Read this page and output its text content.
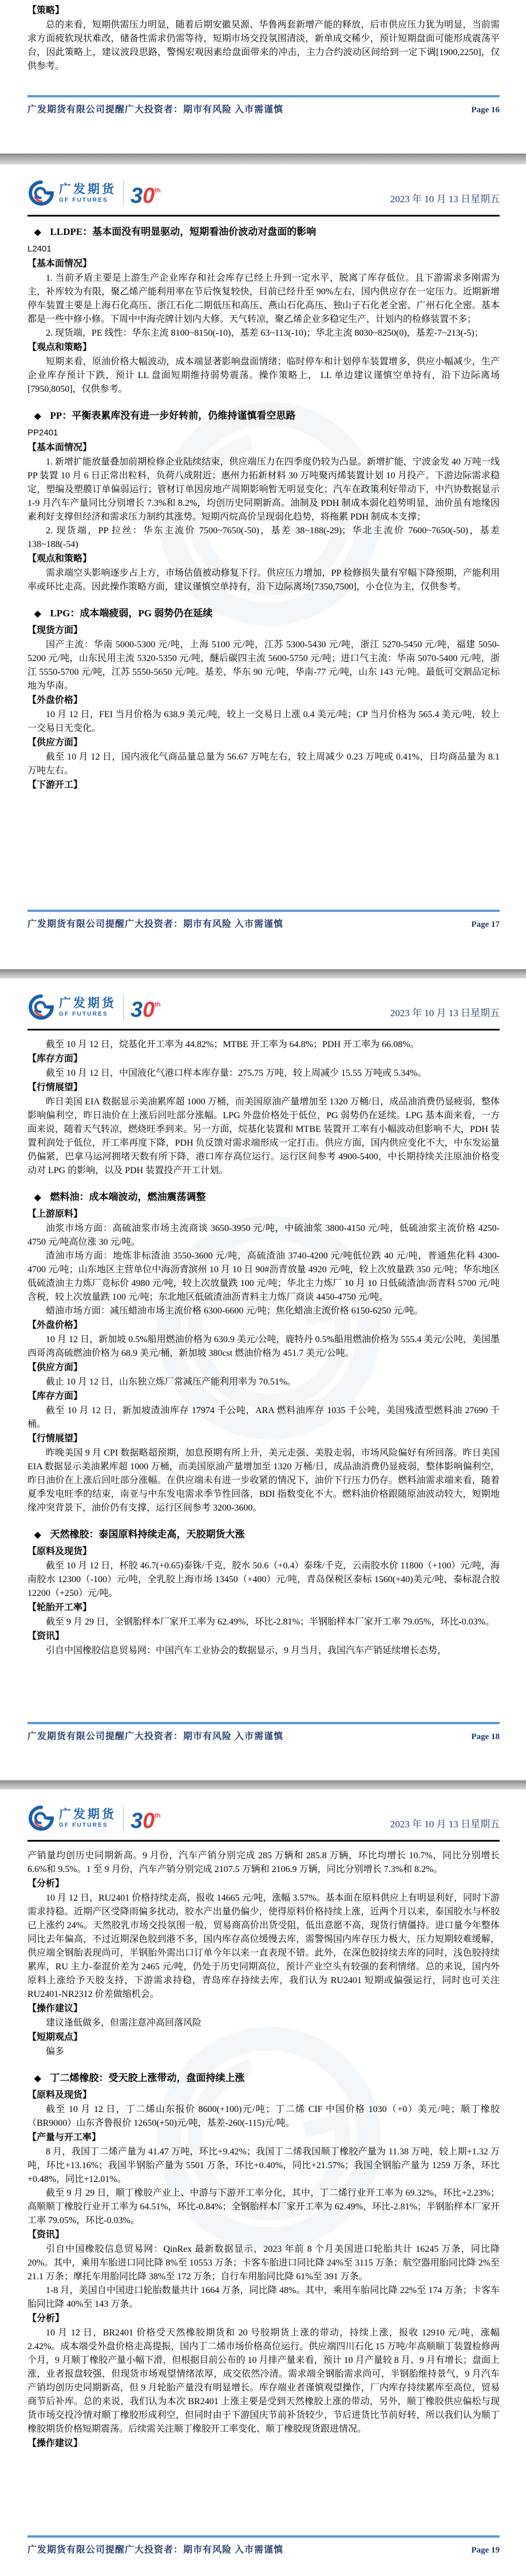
【策略】

总的来看，短期供需压力明显，随着后期安徽昊源、华鲁两套新增产能的释放，后市供应压力犹为明显，当前需求方面疲软现状难改，储备性需求仍需等待，短期市场交投氛围清淡，新单成交稀少，预计短期盘面可能形成震荡平台，因此策略上，建议波段思路，警惕宏观因素给盘面带来的冲击，主力合约波动区间给到一定下调[1900,2250]，仅供参考。

广发期货有限公司提醒广大投资者：期市有风险 入市需谨慎	Page 16
广发期货
GF FUTURES	30th
2023 年 10 月 13 日星期五
◆ LLDPE：基本面没有明显驱动，短期看油价波动对盘面的影响
L2401
【基本面情况】

1. 当前矛盾主要是上游生产企业库存和社会库存已经上升到一定水平，脱离了库存低位。且下游需求多刚需为主，补库较为有限，聚乙烯产能利用率在节后恢复较快，目前已经升至 90%左右，国内供应存在一定压力。近期新增停车装置主要是上海石化高压、浙江石化二期低压和高压、燕山石化高压、独山子石化老全密、广州石化全密。基本都是一些中修小修。下周中中海壳牌计划内大修。天气转凉，聚乙烯企业多稳定生产，计划内的检修装置不多；

2. 现货端，PE 线性：华东主流 8100~8150(-10)，基差 63~113(-10)；华北主流 8030~8250(0)，基差-7~213(-5)；

【观点和策略】

短期来看，原油价格大幅波动，成本端显著影响盘面情绪；临时停车和计划停车装置增多，供应小幅减少，生产企业库存预计下跌，预计 LL 盘面短期维持弱势震荡。操作策略上， LL 单边建议谨慎空单持有，沿下边际离场[7950,8050]，仅供参考。

◆ PP：平衡表累库没有进一步好转前，仍维持谨慎看空思路
PP2401
【基本面情况】

1. 新增扩能放量叠加前期检修企业陆续结束，供应端压力在四季度仍较为凸显。新增扩能，宁波金发 40 万吨一线 PP 装置 10 月 6 日正常出粒料，负荷八成附近；惠州力拓新材料 30 万吨聚丙烯装置计划 10 月投产。下游边际需求稳定，塑编及塑膜订单偏弱运行；管材订单因房地产周期影响暂无明显变化；汽车在政策利好带动下，中汽协数据显示 1-9 月汽车产量同比分别增长 7.3%和 8.2%，均创历史同期新高。油制及 PDH 制成本弱化趋势明显，油价虽有地缘因素利好支撑但经济和需求压力制约其涨势。短期丙烷高价呈现弱化趋势，将拖累 PDH 制成本支撑；

2. 现货端，PP 拉丝：华东主流价 7500~7650(-50)，基差 38~188(-29)；华北主流价 7600~7650(-50)，基差 138~188(-54)

【观点和策略】

需求端空头影响逐步占上方，市场估值被动修复下行。供应压力增加，PP 检修损失量有窄幅下降预期，产能利用率或环比走高。因此操作策略方面，建议谨慎空单持有，沿下边际离场[7350,7500]，小仓位为主，仅供参考。

◆ LPG：成本端疲弱，PG 弱势仍在延续
【现货方面】

国产主流：华南 5000-5300 元/吨，上海 5100 元/吨，江苏 5300-5430 元/吨，浙江 5270-5450 元/吨，福建 5050-5200 元/吨，山东民用主流 5320-5350 元/吨，醚后碳四主流 5600-5750 元/吨；进口气主流：华南 5070-5400 元/吨，浙江 5550-5700 元/吨，江苏 5550-5650 元/吨。基差，华东 90 元/吨，华南-77 元/吨，山东 143 元/吨。最低可交割品定标地为华南。

【外盘价格】

10 月 12 日，FEI 当月价格为 638.9 美元/吨，较上一交易日上涨 0.4 美元/吨；CP 当月价格为 565.4 美元/吨，较上一交易日无变化。

【供应方面】

截至 10 月 12 日，国内液化气商品量总量为 56.67 万吨左右，较上周减少 0.23 万吨或 0.41%，日均商品量为 8.1 万吨左右。

【下游开工】
广发期货有限公司提醒广大投资者：期市有风险 入市需谨慎	Page 17
广发期货
GF FUTURES	30th
2023 年 10 月 13 日星期五

截至 10 月 12 日，烷基化开工率为 44.82%；MTBE 开工率为 64.8%；PDH 开工率为 66.08%。

【库存方面】

截至 10 月 12 日，中国液化气港口样本库存量：275.75 万吨，较上周减少 15.55 万吨或 5.34%。

【行情展望】

昨日美国 EIA 数据显示美油累库超 1000 万桶，而美国原油产量增加至 1320 万桶/日，成品油消费仍显疲弱，整体影响偏利空，昨日油价在上涨后回吐部分涨幅。LPG 外盘价格处于低位，PG 弱势仍在延续。LPG 基本面来看，一方面来说，随着天气转凉，燃烧旺季到来。另一方面，烷基化装置和 MTBE 装置开工率有小幅波动但影响不大，PDH 装置利润处于低位，开工率再度下降，PDH 负反馈对需求端形成一定打击。供应方面，国内供应变化不大，中东发运量仍偏紧，巴拿马运河拥堵天数有所下降，港口库存高位运行。运行区间参考 4900-5400，中长期持续关注原油价格变动对 LPG 的影响，以及 PDH 装置投产开工计划。

◆ 燃料油：成本端波动，燃油震荡调整
【上游原料】

油浆市场方面：高硫油浆市场主流商谈 3650-3950 元/吨，中硫油浆 3800-4150 元/吨，低硫油浆主流价格 4250-4750 元/吨高位涨 30 元/吨。

渣油市场方面：地炼非标渣油 3550-3600 元/吨，高硫渣油 3740-4200 元/吨低位跌 40 元/吨，普通焦化料 4300-4700 元/吨；山东地区主营单位中海沥青滨州 10 月 10 日 90#沥青放量 4920 元/吨，较上次放量跌 350 元/吨；华东地区低硫渣油主力炼厂竞标价 4980 元/吨，较上次放量跌 100 元/吨；华北主力炼厂 10 月 10 日低硫渣油/沥青料 5700 元/吨含税，较上次放量跌 100 元/吨；东北地区低硫渣油沥青料主力炼厂商谈 4450-4750 元/吨。

蜡油市场方面：减压蜡油市场主流价格 6300-6600 元/吨；焦化蜡油主流价格 6150-6250 元/吨。

【外盘价格】

10 月 12 日，新加坡 0.5%船用燃油价格为 630.9 美元/公吨，鹿特丹 0.5%船用燃油价格为 555.4 美元/公吨，美国墨西哥湾高硫燃油价格为 68.9 美元/桶，新加坡 380cst 燃油价格为 451.7 美元/公吨。

【供应方面】

截止 10 月 12 日，山东独立炼厂常减压产能利用率为 70.51%。

【库存方面】

截至 10 月 12 日，新加坡渣油库存 17974 千公吨，ARA 燃料油库存 1035 千公吨，美国残渣型燃料油 27690 千桶。

【行情展望】

昨晚美国 9 月 CPI 数据略超预期，加息预期有所上升，美元走强、美股走弱，市场风险偏好有所回落。昨日美国 EIA 数据显示美油累库超 1000 万桶，而美国原油产量增加至 1320 万桶/日，成品油消费仍显疲弱，整体影响偏利空，昨日油价在上涨后回吐部分涨幅。在供应端未有进一步收紧的情况下，油价下行压力仍存。燃料油需求端来看，随着夏季发电旺季的结束，南亚与中东发电需求季节性回落，BDI 指数变化不大。燃料油价格跟随原油波动较大，短期地缘冲突背景下，油价仍有支撑，运行区间参考 3200-3600。

◆ 天然橡胶：泰国原料持续走高，天胶期货大涨
【原料及现货】

截至 10 月 12 日，杯胶 46.7(+0.65)泰铢/千克，胶水 50.6（+0.4）泰珠/千克，云南胶水价 11800（+100）元/吨，海南胶水 12300（-100）元/吨，全乳胶上海市场 13450（+400）元/吨，青岛保税区泰标 1560(+40)美元/吨，泰标混合胶 12200（+250）元/吨。

【轮胎开工率】

截至 9 月 29 日，全钢胎样本厂家开工率为 62.49%，环比-2.81%；半钢胎样本厂家开工率 79.05%，环比-0.03%。

【资讯】

引自中国橡胶信息贸易网：中国汽车工业协会的数据显示，9 月当月，我国汽车产销延续增长态势，

广发期货有限公司提醒广大投资者：期市有风险 入市需谨慎	Page 18
广发期货
GF FUTURES	30th
2023 年 10 月 13 日星期五

产销量均创历史同期新高。9 月份，汽车产销分别完成 285 万辆和 285.8 万辆，环比均增长 10.7%，同比分别增长 6.6%和 9.5%。1 至 9 月份，汽车产销分别完成 2107.5 万辆和 2106.9 万辆，同比分别增长 7.3%和 8.2%。

【分析】

10 月 12 日，RU2401 价格持续走高，报收 14665 元/吨，涨幅 3.57%。基本面在原料供应上有明显利好，同时下游需求持稳。近期产区受降雨偏多扰动，胶水产出量仍偏少，使得原料价格持续上涨，近两个月以来，泰国胶水与杯胶已上涨约 24%。天然胶乳市场交投氛围一般，贸易商高价出货受阻，低出意愿不高，现货行情僵持。进口量今年整体同比去年偏高，不过近期深色胶到港不多，国内库存高位缓慢去库，需警惕国内库存压力极大，压力短期较难缓解，供应端全钢胎表现尚可，半钢胎外需出口订单今年以来一直表现不错。此外，在深色胶持续去库的同时，浅色胶持续累库，RU 主力-泰混价差为 2465 元/吨，仍处于历史同期高位，预计产业空头有较强的套利情绪。总的来说，国内外原料上涨给予天胶支持，下游需求持稳，青岛库存持续去库，我们认为 RU2401 短期或偏强运行，同时也可关注 RU2401-NR2312 价差做缩机会。

【操作建议】

建议逢低做多，但需注意冲高回落风险

【短期观点】

偏多

◆ 丁二烯橡胶：受天胶上涨带动，盘面持续上涨
【原料及现货】

截至 10 月 12 日，丁二烯山东报价 8600(+100)元/吨；丁二烯 CIF 中国价格 1030（+0）美元/吨；顺丁橡胶（BR9000）山东齐鲁报价 12650(+50)元/吨，基差-260(-115)元/吨。

【产量与开工率】

8 月，我国丁二烯产量为 41.47 万吨，环比+9.42%；我国丁二烯我国顺丁橡胶产量为 11.38 万吨，较上期+1.32 万吨，环比+13.16%；我国半钢胎产量为 5501 万条，环比+0.40%，同比+21.57%；我国全钢胎产量为 1259 万条，环比+0.48%，同比+12.01%。

截至 9 月 29 日，顺丁橡胶产业上、中游与下游开工率分化，其中，丁二烯行业开工率为 69.32%，环比+2.23%；高顺顺丁橡胶行业开工率为 64.51%，环比-0.84%；全钢胎样本厂家开工率为 62.49%，环比-2.81%；半钢胎样本厂家开工率 79.05%，环比-0.03%。

【资讯】

引自中国橡胶信息贸易网：QinRex 最新数据显示，2023 年前 8 个月美国进口轮胎共计 16245 万条，同比降 20%。其中，乘用车胎进口同比降 8%至 10553 万条；卡客车胎进口同比降 24%至 3115 万条；航空器用胎同比降 2%至 21.1 万条；摩托车用胎同比降 38%至 172 万条；自行车用胎同比降 61%至 391 万条。

1-8 月，美国自中国进口轮胎数量共计 1664 万条，同比降 48%。其中，乘用车胎同比降 22%至 174 万条；卡客车胎同比降 40%至 143 万条。

【分析】

10 月 12 日，BR2401 价格受天然橡胶期货和 20 号胶期货上涨的带动，持续上涨，报收 12910 元/吨，涨幅 2.42%。成本端受外盘价格走高提振，国内丁二烯市场价格高位运行。供应端四川石化 15 万吨/年高顺顺丁装置检修两个月，9 月顺丁橡胶产量小幅下滑，但根据目前公布的 10 月排产量来看，预计 10 月产量较 8 月、9 月有增长；盘面上涨，业者报盘较强，但现货市场观望情绪浓厚，成交依然冷清。需求端全钢胎需求尚可，半钢胎维持景气，9 月汽车产销均创历史同期新高，但 9 月轮胎产量没有明显增长。库存端业者谨慎观望操作，厂内库存持续累库至高位，贸易商节后补库。总的来说，我们认为本次 BR2401 上涨主要是受到天然橡胶上涨的带动，另外，顺丁橡胶供应偏松与现货市场交投冷情对顺丁橡胶形成利空，但同时由于下游国庆节前补货较少，节后进货比节前好转，所以我们认为顺丁橡胶期货价格短期震荡。后续需关注顺丁橡胶开工率变化、顺丁橡胶现货跟进情况。

【操作建议】
广发期货有限公司提醒广大投资者：期市有风险 入市需谨慎	Page 19
